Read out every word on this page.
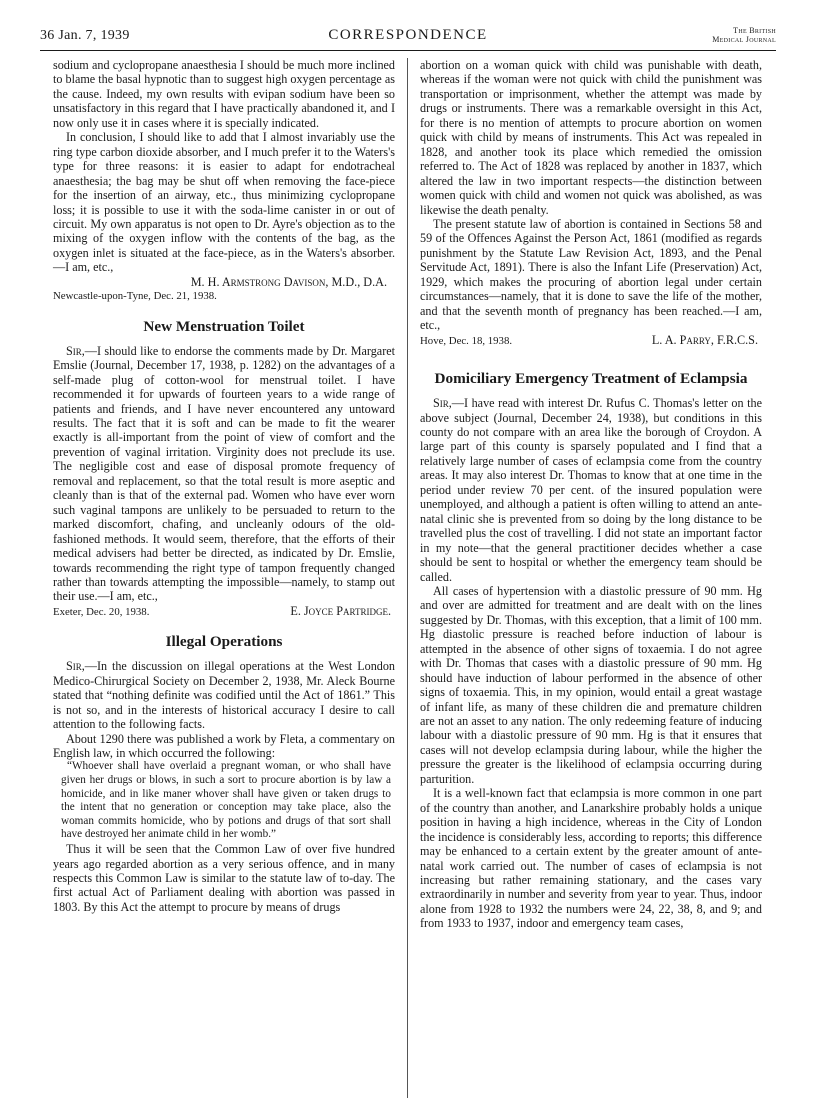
36 Jan. 7, 1939	CORRESPONDENCE	The British
Medical Journal

sodium and cyclopropane anaesthesia I should be much more inclined to blame the basal hypnotic than to suggest high oxygen percentage as the cause. Indeed, my own results with evipan sodium have been so unsatisfactory in this regard that I have practically abandoned it, and I now only use it in cases where it is specially indicated.

In conclusion, I should like to add that I almost invariably use the ring type carbon dioxide absorber, and I much prefer it to the Waters's type for three reasons: it is easier to adapt for endotracheal anaesthesia; the bag may be shut off when removing the face-piece for the insertion of an airway, etc., thus minimizing cyclopropane loss; it is possible to use it with the soda-lime canister in or out of circuit. My own apparatus is not open to Dr. Ayre's objection as to the mixing of the oxygen inflow with the contents of the bag, as the oxygen inlet is situated at the face-piece, as in the Waters's absorber.—I am, etc.,

M. H. Armstrong Davison, M.D., D.A.
Newcastle-upon-Tyne, Dec. 21, 1938.
New Menstruation Toilet

Sir,—I should like to endorse the comments made by Dr. Margaret Emslie (Journal, December 17, 1938, p. 1282) on the advantages of a self-made plug of cotton-wool for menstrual toilet. I have recommended it for upwards of fourteen years to a wide range of patients and friends, and I have never encountered any untoward results. The fact that it is soft and can be made to fit the wearer exactly is all-important from the point of view of comfort and the prevention of vaginal irritation. Virginity does not preclude its use. The negligible cost and ease of disposal promote frequency of removal and replacement, so that the total result is more aseptic and cleanly than is that of the external pad. Women who have ever worn such vaginal tampons are unlikely to be persuaded to return to the marked discomfort, chafing, and uncleanly odours of the old-fashioned methods. It would seem, therefore, that the efforts of their medical advisers had better be directed, as indicated by Dr. Emslie, towards recommending the right type of tampon frequently changed rather than towards attempting the impossible—namely, to stamp out their use.—I am, etc.,

Exeter, Dec. 20, 1938.	E. Joyce Partridge.
Illegal Operations

Sir,—In the discussion on illegal operations at the West London Medico-Chirurgical Society on December 2, 1938, Mr. Aleck Bourne stated that “nothing definite was codified until the Act of 1861.” This is not so, and in the interests of historical accuracy I desire to call attention to the following facts.

About 1290 there was published a work by Fleta, a commentary on English law, in which occurred the following:

“Whoever shall have overlaid a pregnant woman, or who shall have given her drugs or blows, in such a sort to procure abortion is by law a homicide, and in like maner whover shall have given or taken drugs to the intent that no generation or conception may take place, also the woman commits homicide, who by potions and drugs of that sort shall have destroyed her animate child in her womb.”

Thus it will be seen that the Common Law of over five hundred years ago regarded abortion as a very serious offence, and in many respects this Common Law is similar to the statute law of to-day. The first actual Act of Parliament dealing with abortion was passed in 1803. By this Act the attempt to procure by means of drugs

abortion on a woman quick with child was punishable with death, whereas if the woman were not quick with child the punishment was transportation or imprisonment, whether the attempt was made by drugs or instruments. There was a remarkable oversight in this Act, for there is no mention of attempts to procure abortion on women quick with child by means of instruments. This Act was repealed in 1828, and another took its place which remedied the omission referred to. The Act of 1828 was replaced by another in 1837, which altered the law in two important respects—the distinction between women quick with child and women not quick was abolished, as was likewise the death penalty.

The present statute law of abortion is contained in Sections 58 and 59 of the Offences Against the Person Act, 1861 (modified as regards punishment by the Statute Law Revision Act, 1893, and the Penal Servitude Act, 1891). There is also the Infant Life (Preservation) Act, 1929, which makes the procuring of abortion legal under certain circumstances—namely, that it is done to save the life of the mother, and that the seventh month of pregnancy has been reached.—I am, etc.,

Hove, Dec. 18, 1938.	L. A. Parry, F.R.C.S.
Domiciliary Emergency Treatment of Eclampsia

Sir,—I have read with interest Dr. Rufus C. Thomas's letter on the above subject (Journal, December 24, 1938), but conditions in this county do not compare with an area like the borough of Croydon. A large part of this county is sparsely populated and I find that a relatively large number of cases of eclampsia come from the country areas. It may also interest Dr. Thomas to know that at one time in the period under review 70 per cent. of the insured population were unemployed, and although a patient is often willing to attend an ante-natal clinic she is prevented from so doing by the long distance to be travelled plus the cost of travelling. I did not state an important factor in my note—that the general practitioner decides whether a case should be sent to hospital or whether the emergency team should be called.

All cases of hypertension with a diastolic pressure of 90 mm. Hg and over are admitted for treatment and are dealt with on the lines suggested by Dr. Thomas, with this exception, that a limit of 100 mm. Hg diastolic pressure is reached before induction of labour is attempted in the absence of other signs of toxaemia. I do not agree with Dr. Thomas that cases with a diastolic pressure of 90 mm. Hg should have induction of labour performed in the absence of other signs of toxaemia. This, in my opinion, would entail a great wastage of infant life, as many of these children die and premature children are not an asset to any nation. The only redeeming feature of inducing labour with a diastolic pressure of 90 mm. Hg is that it ensures that cases will not develop eclampsia during labour, while the higher the pressure the greater is the likelihood of eclampsia occurring during parturition.

It is a well-known fact that eclampsia is more common in one part of the country than another, and Lanarkshire probably holds a unique position in having a high incidence, whereas in the City of London the incidence is considerably less, according to reports; this difference may be enhanced to a certain extent by the greater amount of ante-natal work carried out. The number of cases of eclampsia is not increasing but rather remaining stationary, and the cases vary extraordinarily in number and severity from year to year. Thus, indoor alone from 1928 to 1932 the numbers were 24, 22, 38, 8, and 9; and from 1933 to 1937, indoor and emergency team cases,
